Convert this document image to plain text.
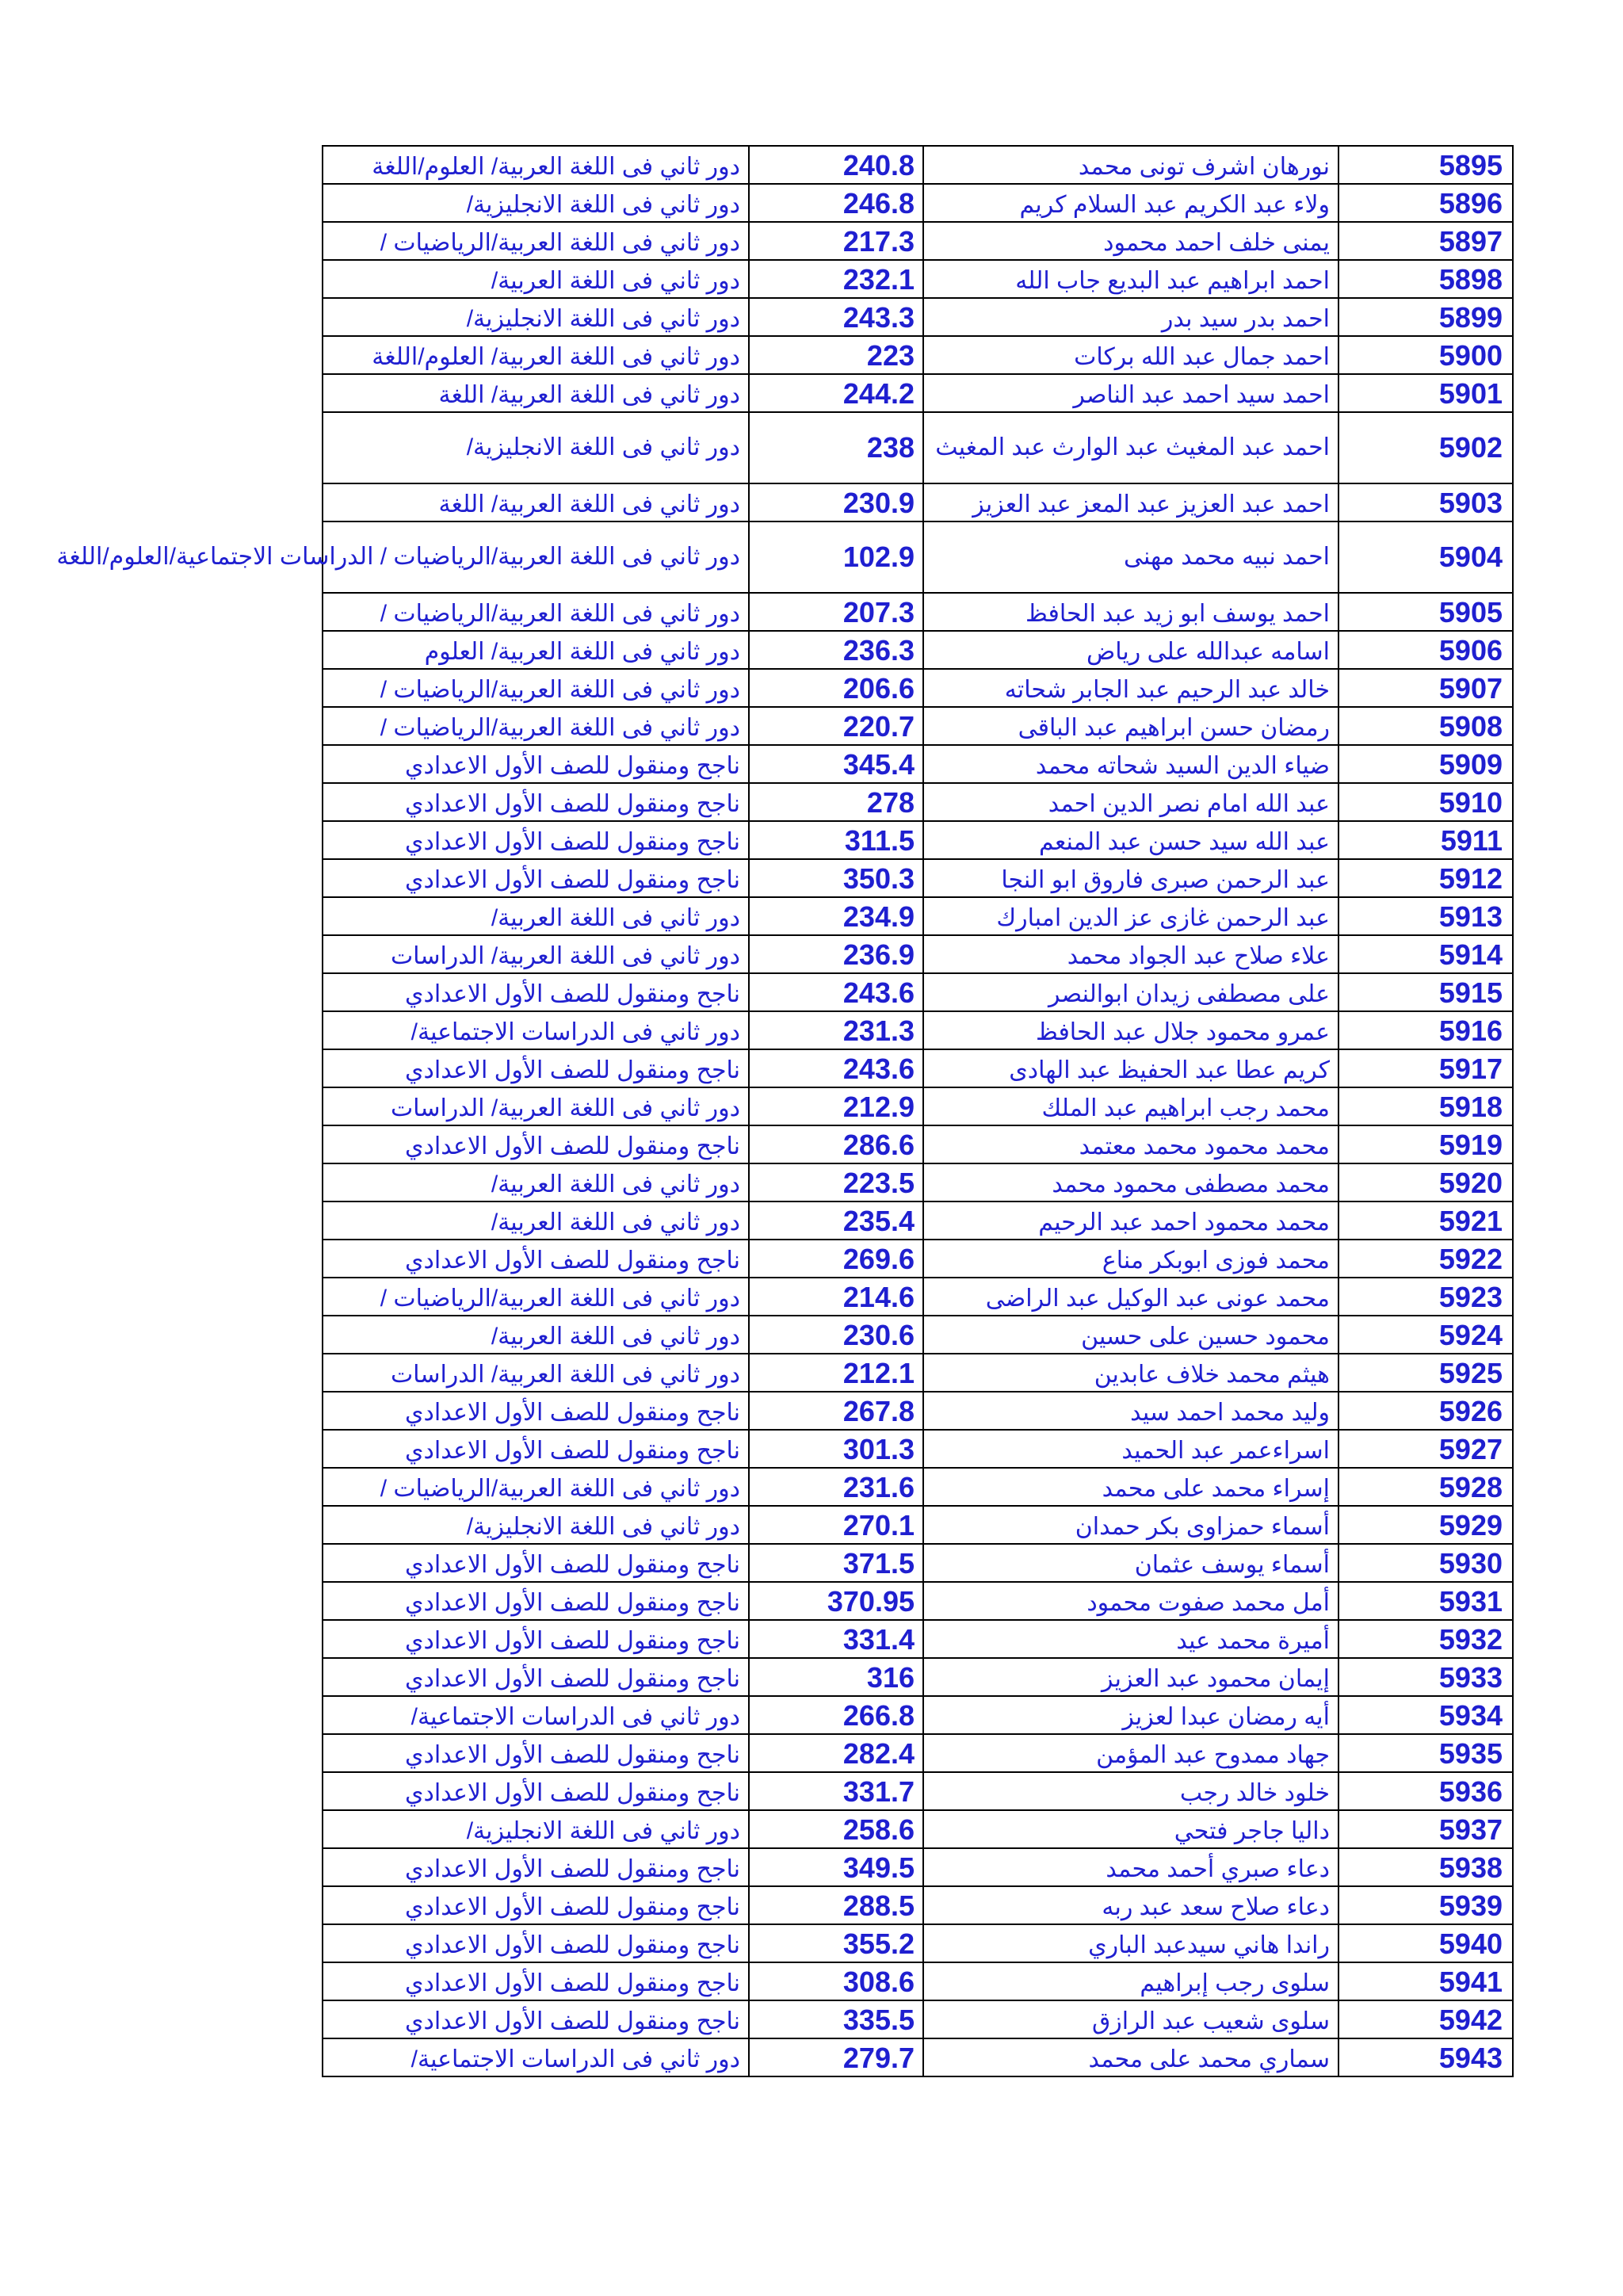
دور ثاني فى اللغة العربية/ العلوم/اللغة	240.8	نورهان اشرف تونى محمد	5895
دور ثاني فى اللغة الانجليزية/	246.8	ولاء عبد الكريم عبد السلام كريم	5896
دور ثاني فى اللغة العربية/الرياضيات /	217.3	يمنى خلف احمد محمود	5897
دور ثاني فى اللغة العربية/	232.1	احمد ابراهيم عبد البديع جاب الله	5898
دور ثاني فى اللغة الانجليزية/	243.3	احمد بدر سيد بدر	5899
دور ثاني فى اللغة العربية/ العلوم/اللغة	223	احمد جمال عبد الله بركات	5900
دور ثاني فى اللغة العربية/ اللغة	244.2	احمد سيد احمد عبد الناصر	5901
دور ثاني فى اللغة الانجليزية/	238	احمد عبد المغيث عبد الوارث عبد المغيث	5902
دور ثاني فى اللغة العربية/ اللغة	230.9	احمد عبد العزيز عبد المعز عبد العزيز	5903
دور ثاني فى اللغة العربية/الرياضيات / الدراسات الاجتماعية/العلوم/اللغة	102.9	احمد نبيه محمد مهنى	5904
دور ثاني فى اللغة العربية/الرياضيات /	207.3	احمد يوسف ابو زيد عبد الحافظ	5905
دور ثاني فى اللغة العربية/ العلوم	236.3	اسامه عبدالله على رياض	5906
دور ثاني فى اللغة العربية/الرياضيات /	206.6	خالد عبد الرحيم عبد الجابر شحاته	5907
دور ثاني فى اللغة العربية/الرياضيات /	220.7	رمضان حسن ابراهيم عبد الباقى	5908
ناجح ومنقول للصف الأول الاعدادي	345.4	ضياء الدين السيد شحاته محمد	5909
ناجح ومنقول للصف الأول الاعدادي	278	عبد الله امام نصر الدين احمد	5910
ناجح ومنقول للصف الأول الاعدادي	311.5	عبد الله سيد حسن عبد المنعم	5911
ناجح ومنقول للصف الأول الاعدادي	350.3	عبد الرحمن صبرى فاروق ابو النجا	5912
دور ثاني فى اللغة العربية/	234.9	عبد الرحمن غازى عز الدين امبارك	5913
دور ثاني فى اللغة العربية/ الدراسات	236.9	علاء صلاح عبد الجواد محمد	5914
ناجح ومنقول للصف الأول الاعدادي	243.6	على مصطفى زيدان ابوالنصر	5915
دور ثاني فى الدراسات الاجتماعية/	231.3	عمرو محمود جلال عبد الحافظ	5916
ناجح ومنقول للصف الأول الاعدادي	243.6	كريم عطا عبد الحفيظ عبد الهادى	5917
دور ثاني فى اللغة العربية/ الدراسات	212.9	محمد رجب ابراهيم عبد الملك	5918
ناجح ومنقول للصف الأول الاعدادي	286.6	محمد محمود محمد معتمد	5919
دور ثاني فى اللغة العربية/	223.5	محمد مصطفى محمود محمد	5920
دور ثاني فى اللغة العربية/	235.4	محمد محمود احمد عبد الرحيم	5921
ناجح ومنقول للصف الأول الاعدادي	269.6	محمد فوزى ابوبكر مناع	5922
دور ثاني فى اللغة العربية/الرياضيات /	214.6	محمد عونى عبد الوكيل عبد الراضى	5923
دور ثاني فى اللغة العربية/	230.6	محمود حسين على حسين	5924
دور ثاني فى اللغة العربية/ الدراسات	212.1	هيثم محمد خلاف عابدين	5925
ناجح ومنقول للصف الأول الاعدادي	267.8	وليد محمد احمد سيد	5926
ناجح ومنقول للصف الأول الاعدادي	301.3	اسراءعمر عبد الحميد	5927
دور ثاني فى اللغة العربية/الرياضيات /	231.6	إسراء محمد على محمد	5928
دور ثاني فى اللغة الانجليزية/	270.1	أسماء حمزاوى بكر حمدان	5929
ناجح ومنقول للصف الأول الاعدادي	371.5	أسماء يوسف عثمان	5930
ناجح ومنقول للصف الأول الاعدادي	370.95	أمل محمد صفوت محمود	5931
ناجح ومنقول للصف الأول الاعدادي	331.4	أميرة محمد عيد	5932
ناجح ومنقول للصف الأول الاعدادي	316	إيمان محمود عبد العزيز	5933
دور ثاني فى الدراسات الاجتماعية/	266.8	أيه رمضان عبدا لعزيز	5934
ناجح ومنقول للصف الأول الاعدادي	282.4	جهاد ممدوح عبد المؤمن	5935
ناجح ومنقول للصف الأول الاعدادي	331.7	خلود خالد رجب	5936
دور ثاني فى اللغة الانجليزية/	258.6	داليا جاجر فتحي	5937
ناجح ومنقول للصف الأول الاعدادي	349.5	دعاء صبري أحمد محمد	5938
ناجح ومنقول للصف الأول الاعدادي	288.5	دعاء صلاح سعد عبد ربه	5939
ناجح ومنقول للصف الأول الاعدادي	355.2	راندا هاني سيدعبد الباري	5940
ناجح ومنقول للصف الأول الاعدادي	308.6	سلوى رجب إبراهيم	5941
ناجح ومنقول للصف الأول الاعدادي	335.5	سلوى شعيب عبد الرازق	5942
دور ثاني فى الدراسات الاجتماعية/	279.7	سماري محمد على محمد	5943
